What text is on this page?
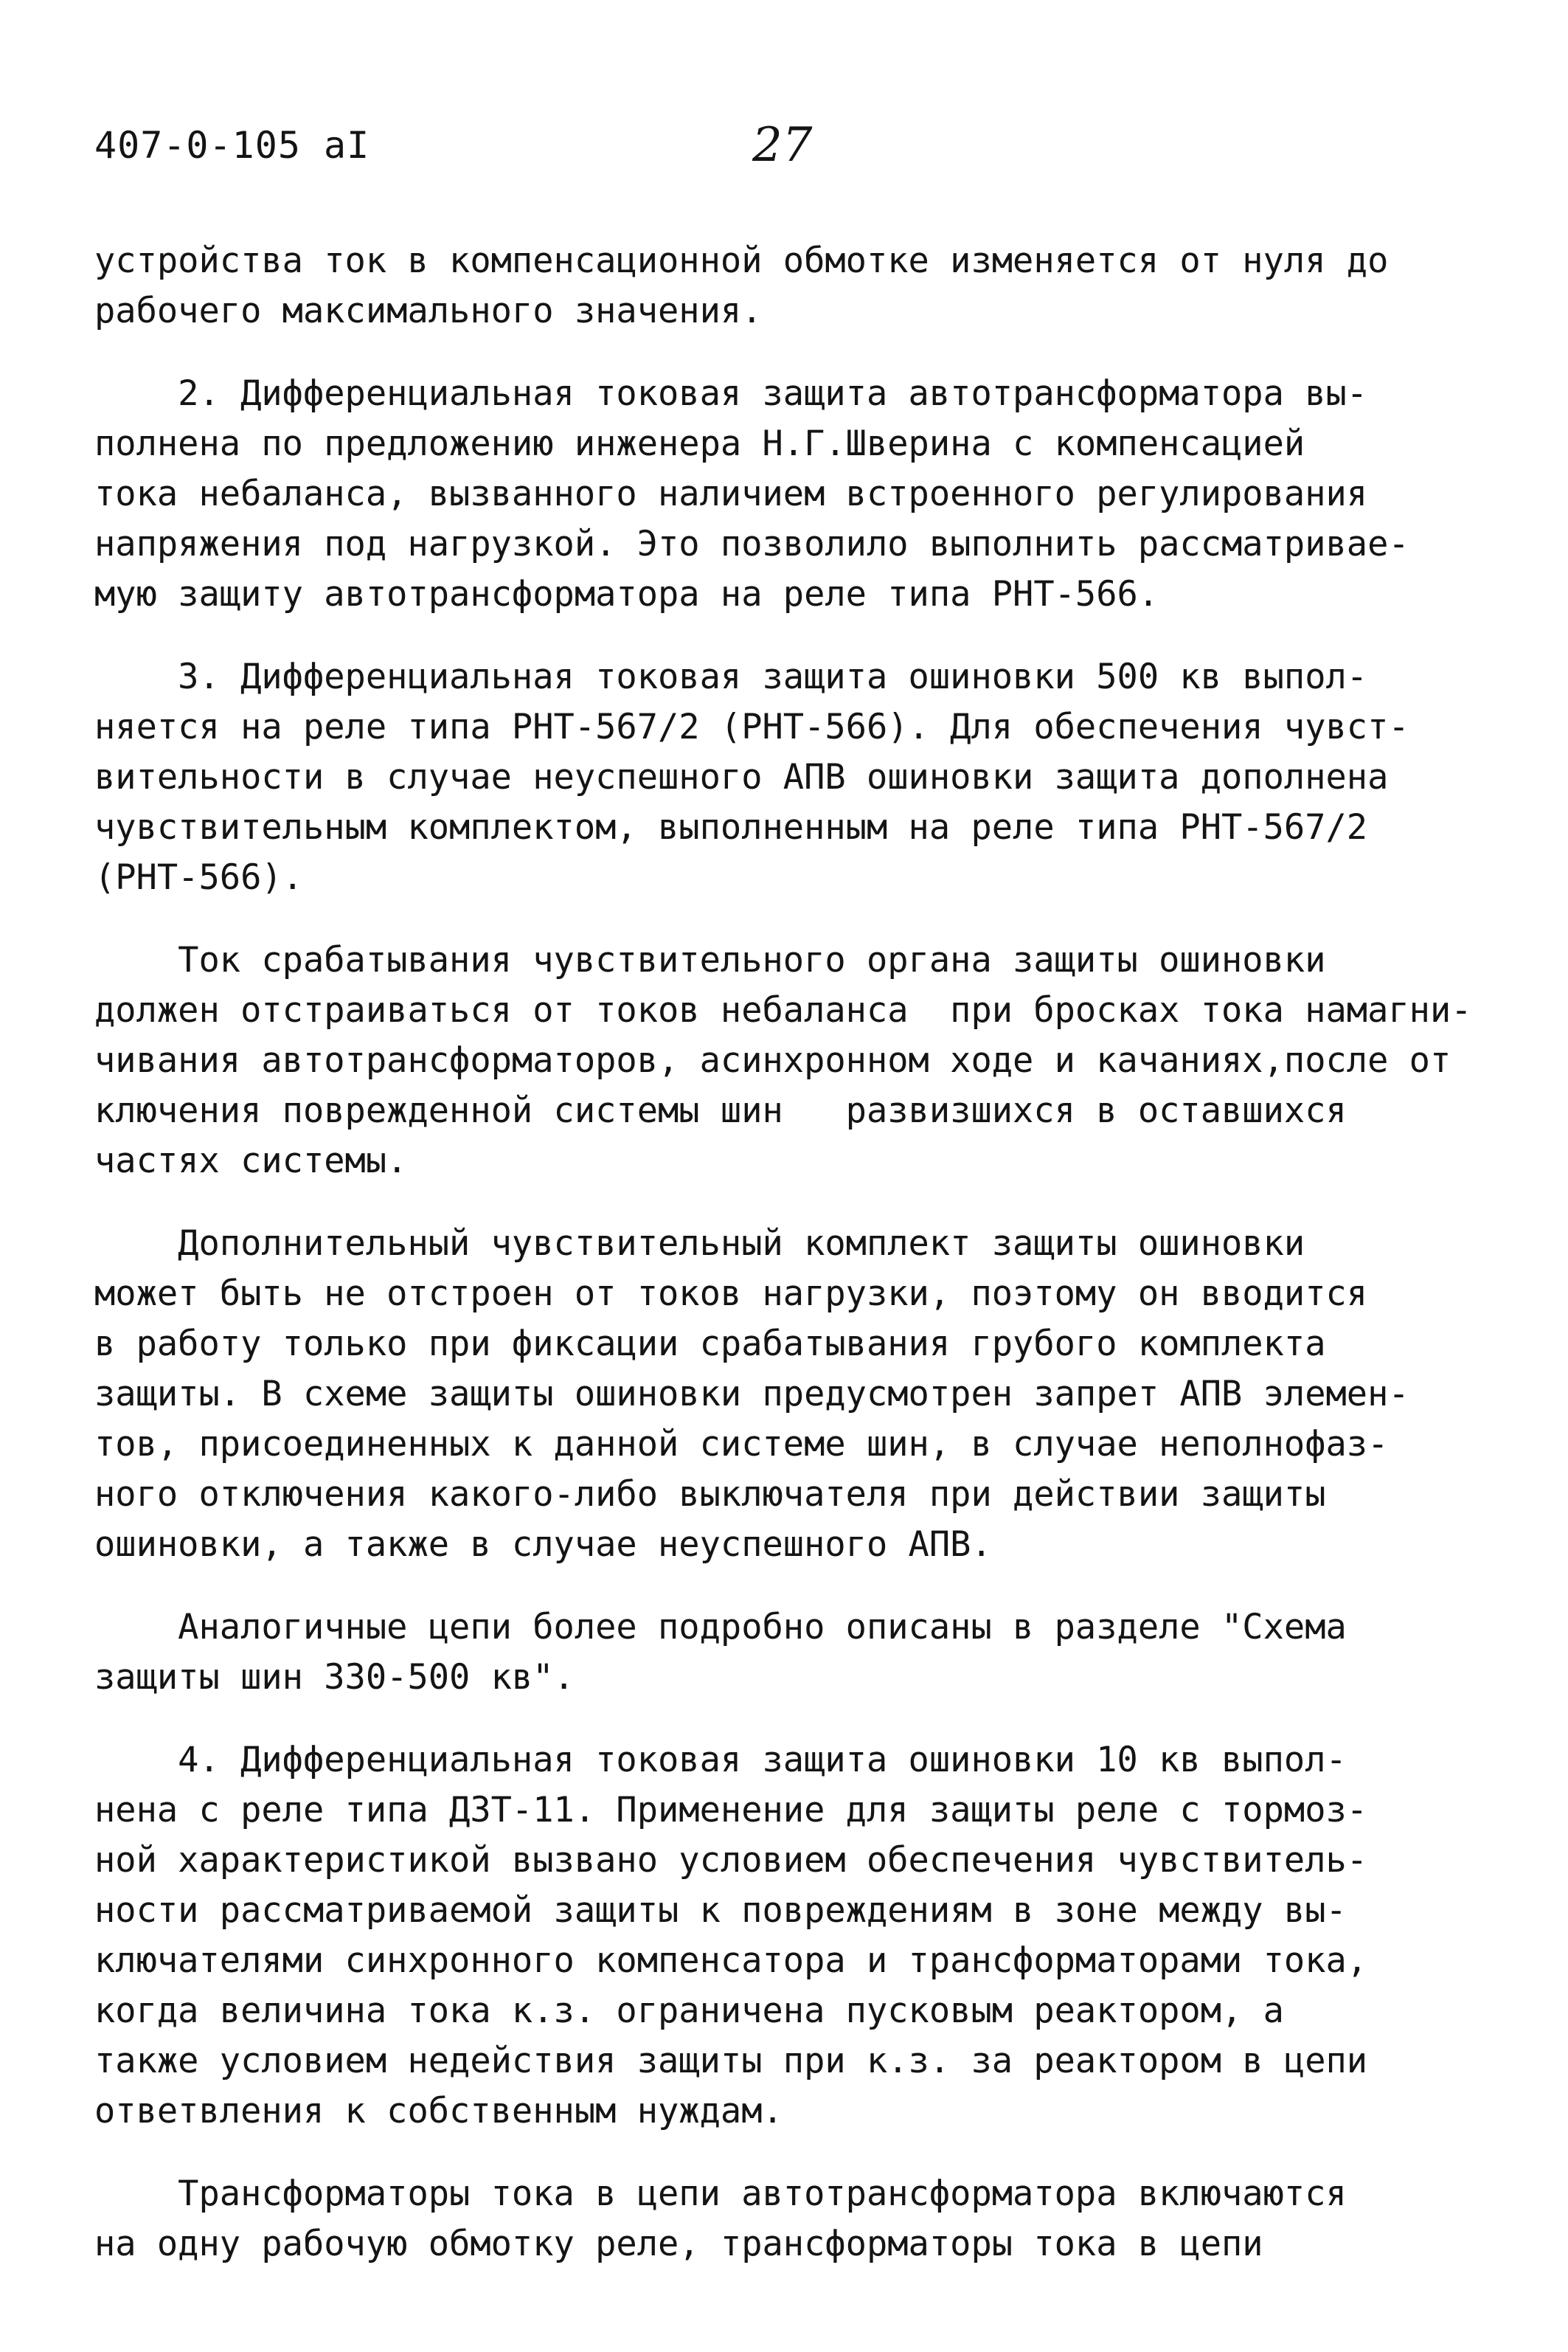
407-0-105 аI	27
устройства ток в компенсационной обмотке изменяется от нуля до
рабочего максимального значения.
2. Дифференциальная токовая защита автотрансформатора вы-
полнена по предложению инженера Н.Г.Шверина с компенсацией
тока небаланса, вызванного наличием встроенного регулирования
напряжения под нагрузкой. Это позволило выполнить рассматривае-
мую защиту автотрансформатора на реле типа РНТ-566.
3. Дифференциальная токовая защита ошиновки 500 кв выпол-
няется на реле типа РНТ-567/2 (РНТ-566). Для обеспечения чувст-
вительности в случае неуспешного АПВ ошиновки защита дополнена
чувствительным комплектом, выполненным на реле типа РНТ-567/2
(РНТ-566).
Ток срабатывания чувствительного органа защиты ошиновки
должен отстраиваться от токов небаланса  при бросках тока намагни-
чивания автотрансформаторов, асинхронном ходе и качаниях,после от
ключения поврежденной системы шин   развизшихся в оставшихся
частях системы.
Дополнительный чувствительный комплект защиты ошиновки
может быть не отстроен от токов нагрузки, поэтому он вводится
в работу только при фиксации срабатывания грубого комплекта
защиты. В схеме защиты ошиновки предусмотрен запрет АПВ элемен-
тов, присоединенных к данной системе шин, в случае неполнофаз-
ного отключения какого-либо выключателя при действии защиты
ошиновки, а также в случае неуспешного АПВ.
Аналогичные цепи более подробно описаны в разделе "Схема
защиты шин 330-500 кв".
4. Дифференциальная токовая защита ошиновки 10 кв выпол-
нена с реле типа ДЗТ-11. Применение для защиты реле с тормоз-
ной характеристикой вызвано условием обеспечения чувствитель-
ности рассматриваемой защиты к повреждениям в зоне между вы-
ключателями синхронного компенсатора и трансформаторами тока,
когда величина тока к.з. ограничена пусковым реактором, а
также условием недействия защиты при к.з. за реактором в цепи
ответвления к собственным нуждам.
Трансформаторы тока в цепи автотрансформатора включаются
на одну рабочую обмотку реле, трансформаторы тока в цепи
